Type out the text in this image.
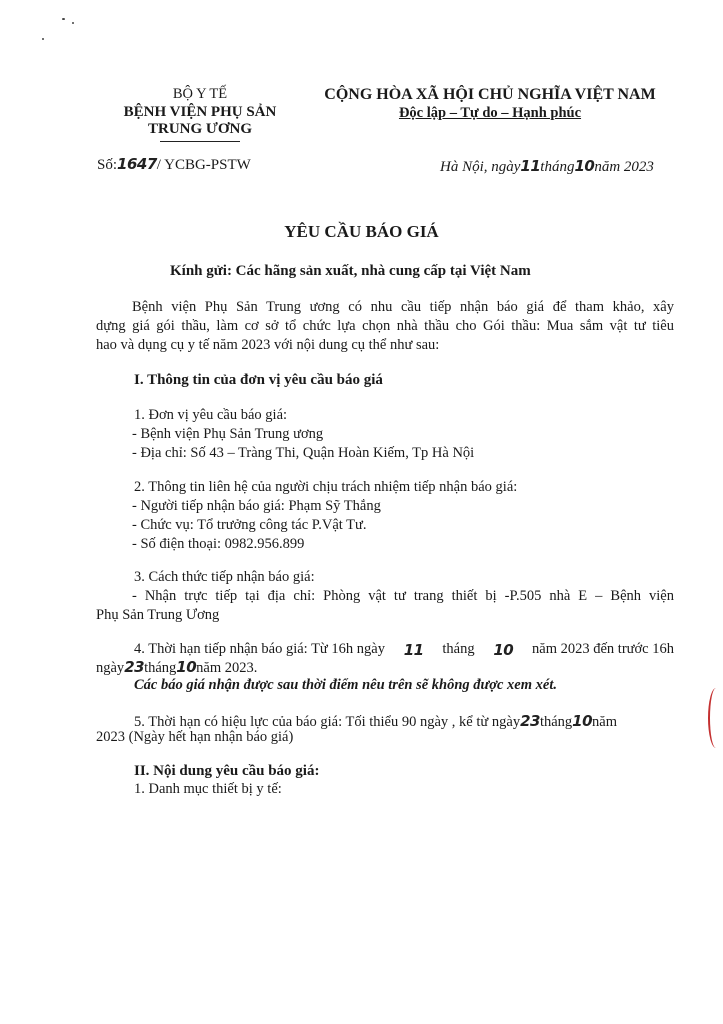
BỘ Y TẾ
BỆNH VIỆN PHỤ SẢN
TRUNG ƯƠNG
CỘNG HÒA XÃ HỘI CHỦ NGHĨA VIỆT NAM
Độc lập – Tự do – Hạnh phúc
Số:1647/ YCBG-PSTW	Hà Nội, ngày11tháng10năm 2023
YÊU CẦU BÁO GIÁ
Kính gửi: Các hãng sản xuất, nhà cung cấp tại Việt Nam
Bệnh viện Phụ Sản Trung ương có nhu cầu tiếp nhận báo giá để tham khảo, xây
dựng giá gói thầu, làm cơ sở tổ chức lựa chọn nhà thầu cho Gói thầu: Mua sắm vật tư tiêu
hao và dụng cụ y tế năm 2023 với nội dung cụ thể như sau:
I. Thông tin của đơn vị yêu cầu báo giá
1. Đơn vị yêu cầu báo giá:
- Bệnh viện Phụ Sản Trung ương
- Địa chỉ: Số 43 – Tràng Thi, Quận Hoàn Kiếm, Tp Hà Nội
2. Thông tin liên hệ của người chịu trách nhiệm tiếp nhận báo giá:
- Người tiếp nhận báo giá: Phạm Sỹ Thắng
- Chức vụ: Tổ trưởng công tác P.Vật Tư.
- Số điện thoại: 0982.956.899
3. Cách thức tiếp nhận báo giá:
- Nhận trực tiếp tại địa chỉ: Phòng vật tư trang thiết bị -P.505 nhà E – Bệnh viện
Phụ Sản Trung Ương
4. Thời hạn tiếp nhận báo giá: Từ 16h ngày 11 tháng 10 năm 2023 đến trước 16h
ngày23tháng10năm 2023.
Các báo giá nhận được sau thời điểm nêu trên sẽ không được xem xét.
5. Thời hạn có hiệu lực của báo giá: Tối thiểu 90 ngày , kể từ ngày23tháng10năm
2023 (Ngày hết hạn nhận báo giá)
II. Nội dung yêu cầu báo giá:
1. Danh mục thiết bị y tế:
